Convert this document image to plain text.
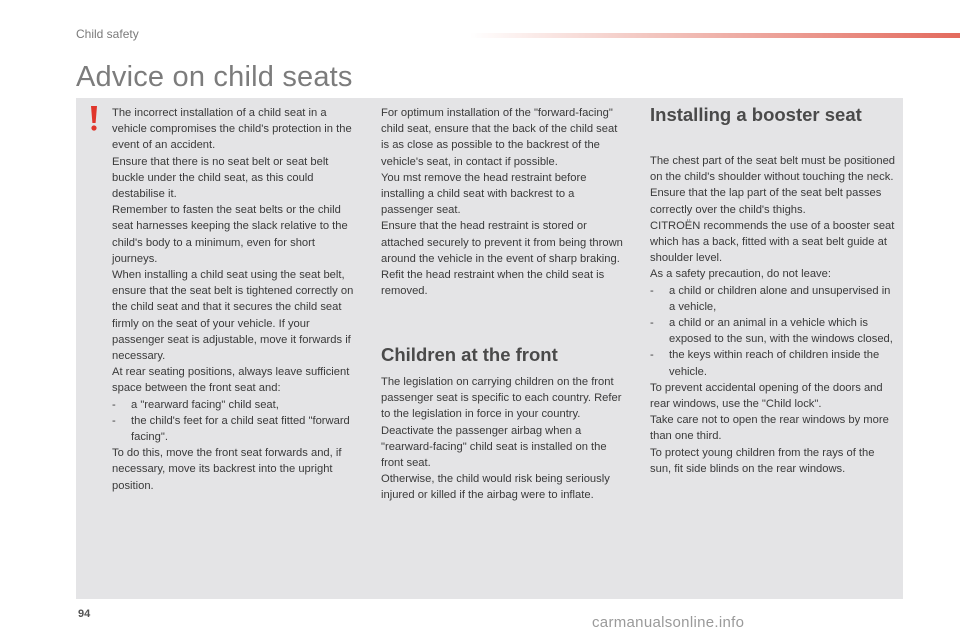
Child safety
Advice on child seats

The incorrect installation of a child seat in a vehicle compromises the child's protection in the event of an accident.

Ensure that there is no seat belt or seat belt buckle under the child seat, as this could destabilise it.

Remember to fasten the seat belts or the child seat harnesses keeping the slack relative to the child's body to a minimum, even for short journeys.

When installing a child seat using the seat belt, ensure that the seat belt is tightened correctly on the child seat and that it secures the child seat firmly on the seat of your vehicle. If your passenger seat is adjustable, move it forwards if necessary.

At rear seating positions, always leave sufficient space between the front seat and:

-	a "rearward facing" child seat,
-	the child's feet for a child seat fitted "forward facing".

To do this, move the front seat forwards and, if necessary, move its backrest into the upright position.

For optimum installation of the "forward-facing" child seat, ensure that the back of the child seat is as close as possible to the backrest of the vehicle's seat, in contact if possible.

You mst remove the head restraint before installing a child seat with backrest to a passenger seat.

Ensure that the head restraint is stored or attached securely to prevent it from being thrown around the vehicle in the event of sharp braking. Refit the head restraint when the child seat is removed.

Children at the front

The legislation on carrying children on the front passenger seat is specific to each country. Refer to the legislation in force in your country.

Deactivate the passenger airbag when a "rearward-facing" child seat is installed on the front seat.

Otherwise, the child would risk being seriously injured or killed if the airbag were to inflate.

Installing a booster seat

The chest part of the seat belt must be positioned on the child's shoulder without touching the neck.

Ensure that the lap part of the seat belt passes correctly over the child's thighs.

CITROËN recommends the use of a booster seat which has a back, fitted with a seat belt guide at shoulder level.

As a safety precaution, do not leave:

-	a child or children alone and unsupervised in a vehicle,
-	a child or an animal in a vehicle which is exposed to the sun, with the windows closed,
-	the keys within reach of children inside the vehicle.

To prevent accidental opening of the doors and rear windows, use the "Child lock".

Take care not to open the rear windows by more than one third.

To protect young children from the rays of the sun, fit side blinds on the rear windows.

94	carmanualsonline.info
